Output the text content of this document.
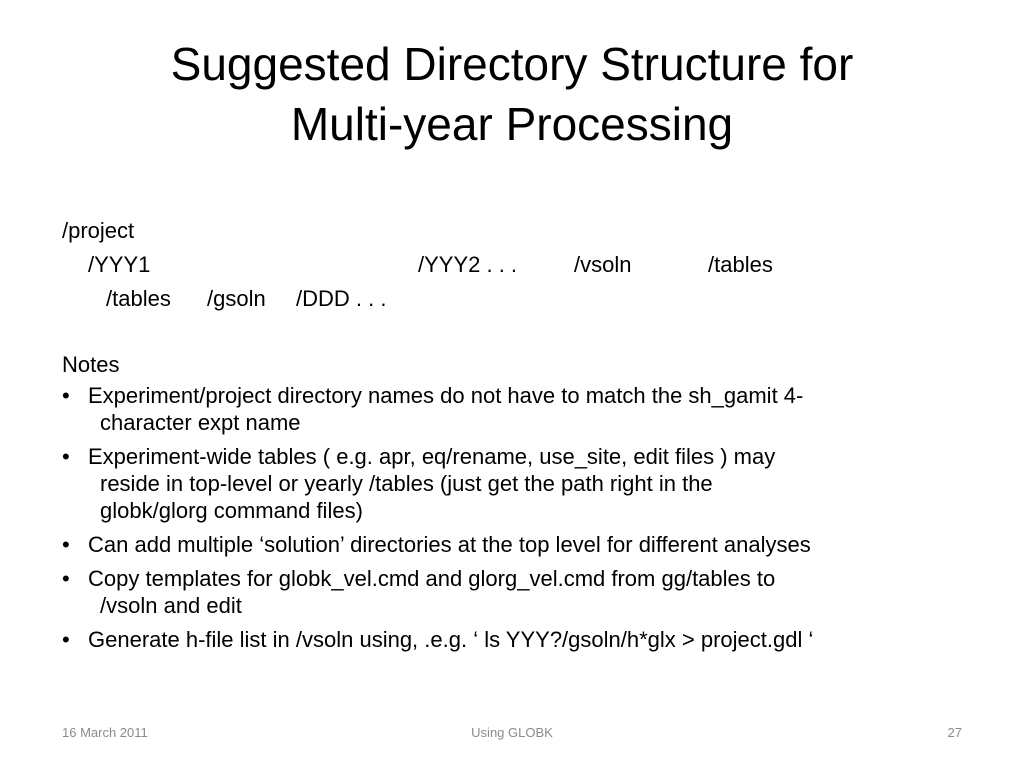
Suggested Directory Structure for
Multi-year Processing
/project
/YYY1	/YYY2 . . .	/vsoln	/tables
/tables /gsoln /DDD . . .
Notes
• Experiment/project directory names do not have to match the sh_gamit 4-
character expt name
• Experiment-wide tables ( e.g. apr, eq/rename, use_site, edit files ) may
reside in top-level or yearly /tables (just get the path right in the
globk/glorg command files)
• Can add multiple ‘solution’ directories at the top level for different analyses
• Copy templates for globk_vel.cmd and glorg_vel.cmd from gg/tables to
/vsoln and edit
• Generate h-file list in /vsoln using, .e.g. ‘ ls YYY?/gsoln/h*glx > project.gdl ‘
16 March 2011	Using GLOBK	27
